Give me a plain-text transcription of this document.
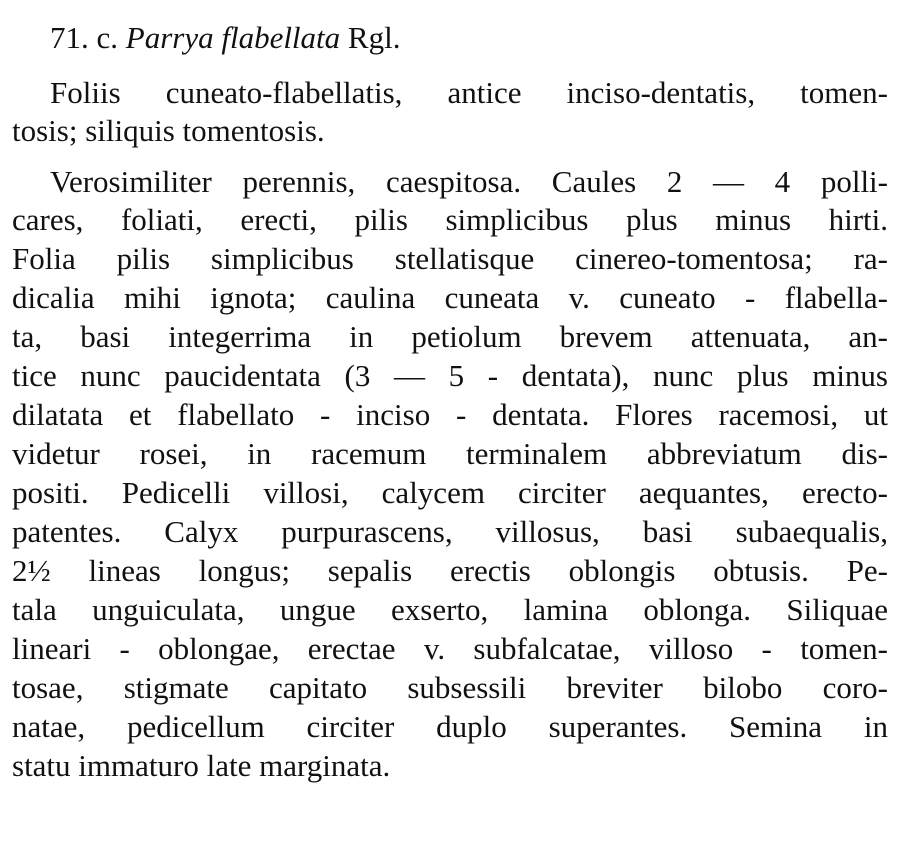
71. c. Parrya flabellata Rgl.
Foliis cuneato-flabellatis, antice inciso-dentatis, tomen-
tosis; siliquis tomentosis.
Verosimiliter perennis, caespitosa. Caules 2 — 4 polli-
cares, foliati, erecti, pilis simplicibus plus minus hirti.
Folia pilis simplicibus stellatisque cinereo-tomentosa; ra-
dicalia mihi ignota; caulina cuneata v. cuneato - flabella-
ta, basi integerrima in petiolum brevem attenuata, an-
tice nunc paucidentata (3 — 5 - dentata), nunc plus minus
dilatata et flabellato - inciso - dentata. Flores racemosi, ut
videtur rosei, in racemum terminalem abbreviatum dis-
positi. Pedicelli villosi, calycem circiter aequantes, erecto-
patentes. Calyx purpurascens, villosus, basi subaequalis,
2½ lineas longus; sepalis erectis oblongis obtusis. Pe-
tala unguiculata, ungue exserto, lamina oblonga. Siliquae
lineari - oblongae, erectae v. subfalcatae, villoso - tomen-
tosae, stigmate capitato subsessili breviter bilobo coro-
natae, pedicellum circiter duplo superantes. Semina in
statu immaturo late marginata.
